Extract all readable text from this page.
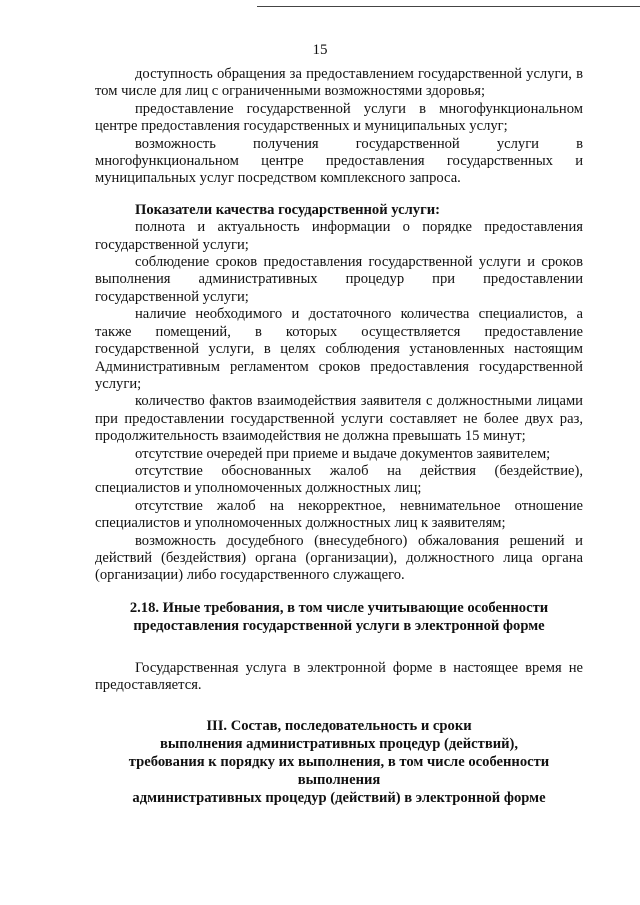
15

доступность обращения за предоставлением государственной услуги, в том числе для лиц с ограниченными возможностями здоровья;

предоставление государственной услуги в многофункциональном центре предоставления государственных и муниципальных услуг;

возможность получения государственной услуги в многофункциональном центре предоставления государственных и муниципальных услуг посредством комплексного запроса.

Показатели качества государственной услуги:

полнота и актуальность информации о порядке предоставления государственной услуги;

соблюдение сроков предоставления государственной услуги и сроков выполнения административных процедур при предоставлении государственной услуги;

наличие необходимого и достаточного количества специалистов, а также помещений, в которых осуществляется предоставление государственной услуги, в целях соблюдения установленных настоящим Административным регламентом сроков предоставления государственной услуги;

количество фактов взаимодействия заявителя с должностными лицами при предоставлении государственной услуги составляет не более двух раз, продолжительность взаимодействия не должна превышать 15 минут;

отсутствие очередей при приеме и выдаче документов заявителем;

отсутствие обоснованных жалоб на действия (бездействие), специалистов и уполномоченных должностных лиц;

отсутствие жалоб на некорректное, невнимательное отношение специалистов и уполномоченных должностных лиц к заявителям;

возможность досудебного (внесудебного) обжалования решений и действий (бездействия) органа (организации), должностного лица органа (организации) либо государственного служащего.

2.18. Иные требования, в том числе учитывающие особенности

предоставления государственной услуги в электронной форме

Государственная услуга в электронной форме в настоящее время не предоставляется.

III. Состав, последовательность и сроки

выполнения административных процедур (действий),

требования к порядку их выполнения, в том числе особенности

выполнения

административных процедур (действий) в электронной форме
